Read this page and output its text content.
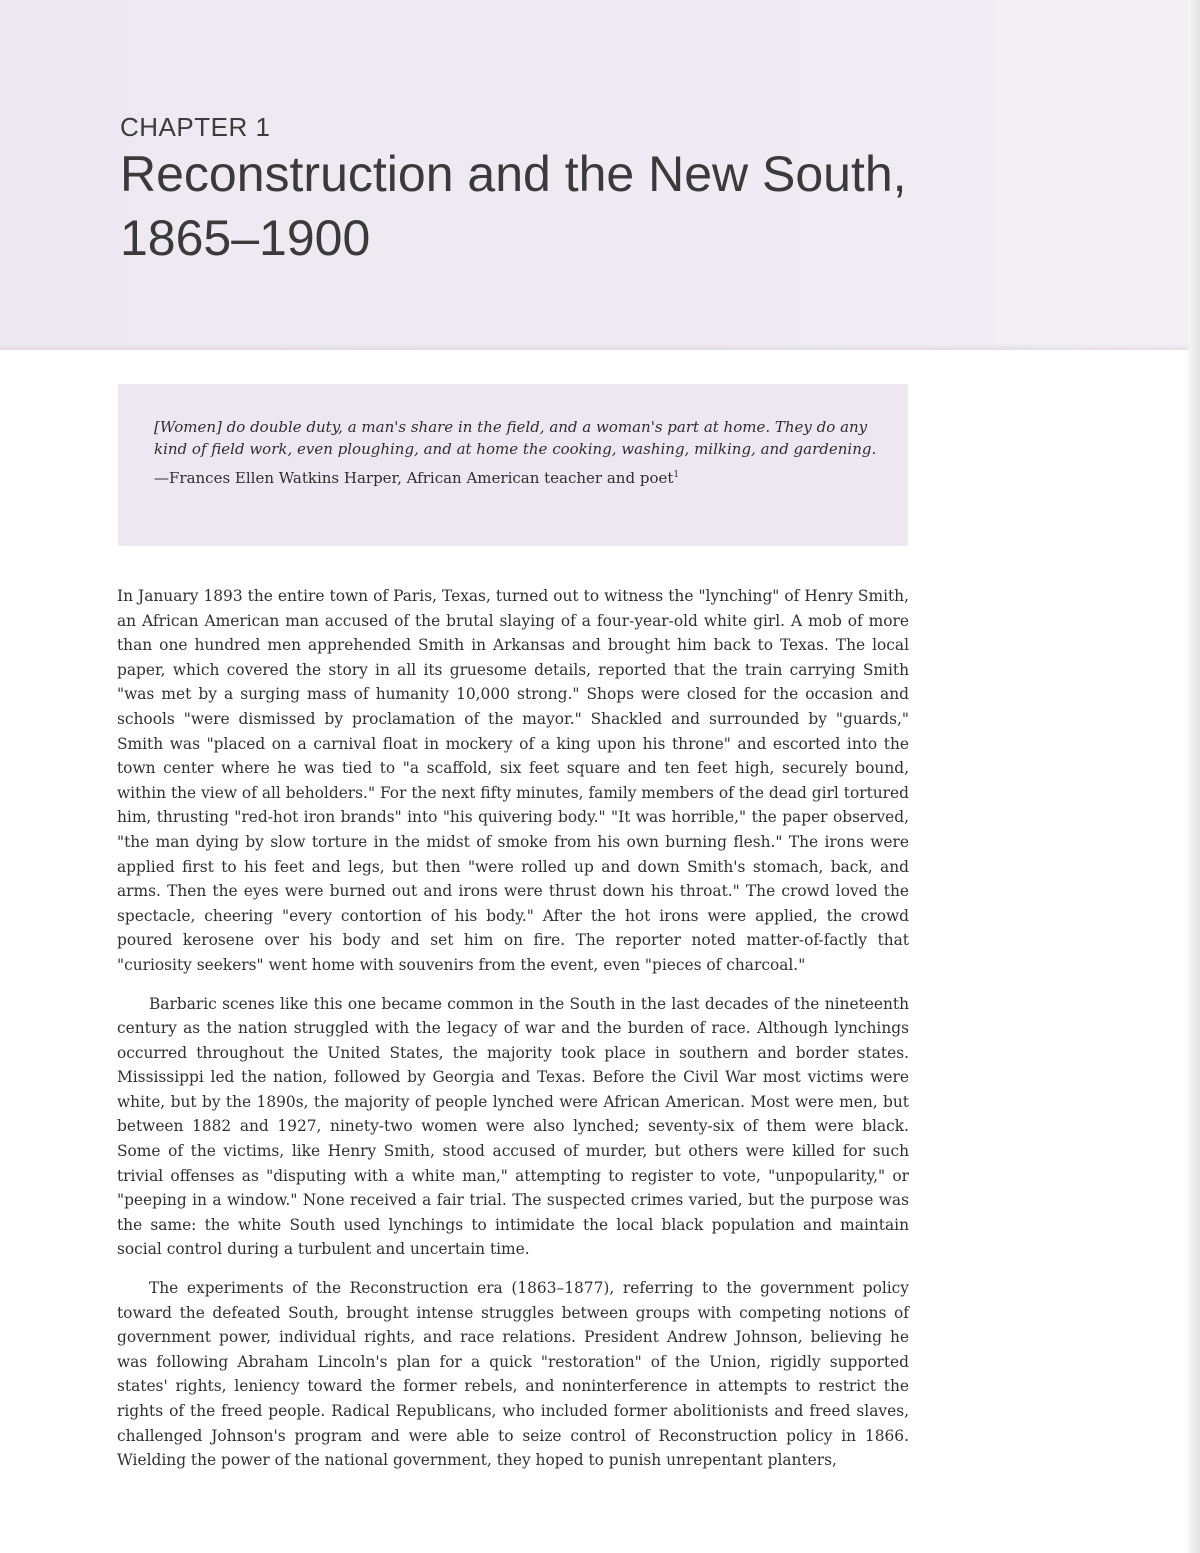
CHAPTER 1

Reconstruction and the New South, 1865–1900

[Women] do double duty, a man's share in the field, and a woman's part at home. They do any kind of field work, even ploughing, and at home the cooking, washing, milking, and gardening.

—Frances Ellen Watkins Harper, African American teacher and poet$^1$

In January 1893 the entire town of Paris, Texas, turned out to witness the "lynching" of Henry Smith, an African American man accused of the brutal slaying of a four-year-old white girl. A mob of more than one hundred men apprehended Smith in Arkansas and brought him back to Texas. The local paper, which covered the story in all its gruesome details, reported that the train carrying Smith "was met by a surging mass of humanity 10,000 strong." Shops were closed for the occasion and schools "were dismissed by proclamation of the mayor." Shackled and surrounded by "guards," Smith was "placed on a carnival float in mockery of a king upon his throne" and escorted into the town center where he was tied to "a scaffold, six feet square and ten feet high, securely bound, within the view of all beholders." For the next fifty minutes, family members of the dead girl tortured him, thrusting "red-hot iron brands" into "his quivering body." "It was horrible," the paper observed, "the man dying by slow torture in the midst of smoke from his own burning flesh." The irons were applied first to his feet and legs, but then "were rolled up and down Smith's stomach, back, and arms. Then the eyes were burned out and irons were thrust down his throat." The crowd loved the spectacle, cheering "every contortion of his body." After the hot irons were applied, the crowd poured kerosene over his body and set him on fire. The reporter noted matter-of-factly that "curiosity seekers" went home with souvenirs from the event, even "pieces of charcoal."

Barbaric scenes like this one became common in the South in the last decades of the nineteenth century as the nation struggled with the legacy of war and the burden of race. Although lynchings occurred throughout the United States, the majority took place in southern and border states. Mississippi led the nation, followed by Georgia and Texas. Before the Civil War most victims were white, but by the 1890s, the majority of people lynched were African American. Most were men, but between 1882 and 1927, ninety-two women were also lynched; seventy-six of them were black. Some of the victims, like Henry Smith, stood accused of murder, but others were killed for such trivial offenses as "disputing with a white man," attempting to register to vote, "unpopularity," or "peeping in a window." None received a fair trial. The suspected crimes varied, but the purpose was the same: the white South used lynchings to intimidate the local black population and maintain social control during a turbulent and uncertain time.

The experiments of the Reconstruction era (1863–1877), referring to the government policy toward the defeated South, brought intense struggles between groups with competing notions of government power, individual rights, and race relations. President Andrew Johnson, believing he was following Abraham Lincoln's plan for a quick "restoration" of the Union, rigidly supported states' rights, leniency toward the former rebels, and noninterference in attempts to restrict the rights of the freed people. Radical Republicans, who included former abolitionists and freed slaves, challenged Johnson's program and were able to seize control of Reconstruction policy in 1866. Wielding the power of the national government, they hoped to punish unrepentant planters,
